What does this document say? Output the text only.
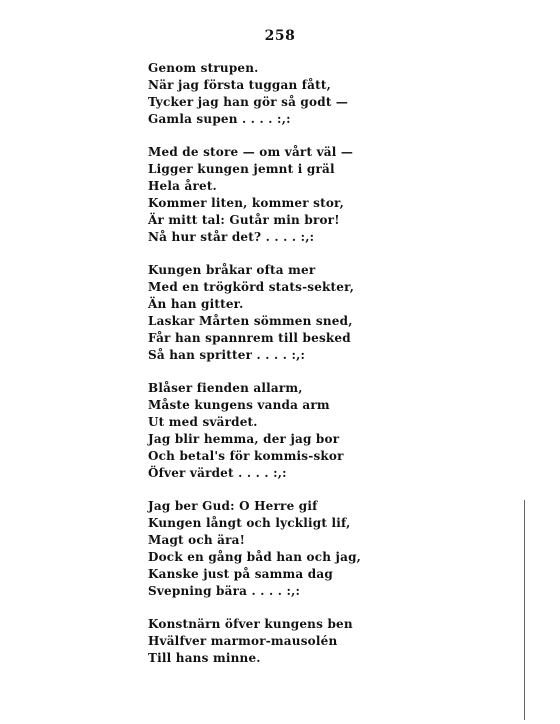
258
Genom strupen.
När jag första tuggan fått,
Tycker jag han gör så godt —
Gamla supen . . . . :,:
Med de store — om vårt väl —
Ligger kungen jemnt i gräl
Hela året.
Kommer liten, kommer stor,
Är mitt tal: Gutår min bror!
Nå hur står det? . . . . :,:
Kungen bråkar ofta mer
Med en trögkörd stats-sekter,
Än han gitter.
Laskar Mårten sömmen sned,
Får han spannrem till besked
Så han spritter . . . . :,:
Blåser fienden allarm,
Måste kungens vanda arm
Ut med svärdet.
Jag blir hemma, der jag bor
Och betal's för kommis-skor
Öfver värdet . . . . :,:
Jag ber Gud: O Herre gif
Kungen långt och lyckligt lif,
Magt och ära!
Dock en gång båd han och jag,
Kanske just på samma dag
Svepning bära . . . . :,:
Konstnärn öfver kungens ben
Hvälfver marmor-mausolén
Till hans minne.
